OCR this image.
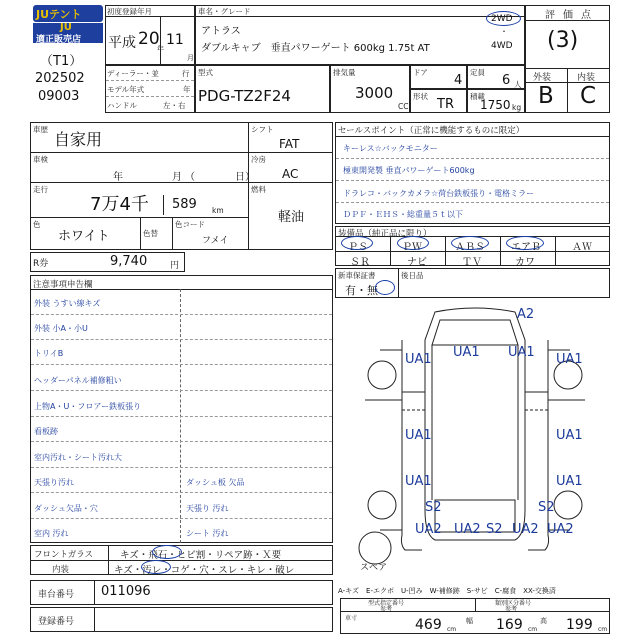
JUテント
JU
適正販売店
（T1）
202502
09003
初度登録年月
平成 20
年
11
月
車名・グレード
アトラス
ダブルキャブ　垂直パワーゲート 600kg 1.75t AT
2WD
・
4WD
評価点
(3)
外装	内装
B C
ディーラー・並	行
モデル年式	年
ハンドル	左・右
型式
PDG-TZ2F24
排気量
3000
CC
ドア
4
定員
6 人
形状
TR
積載
1750 kg
車歴
自家用
車検
年	月 （　　　　日）
走行
7万4千 589 km
色
ホワイト	色替
色コード
フメイ
シフト
FAT
冷房
AC
燃料
軽油
R券	9,740	円
セールスポイント（正常に機能するものに限定）
キーレス☆バックモニター
極東開発製 垂直パワーゲート600kg
ドラレコ・バックカメラ☆荷台鉄板張り・電格ミラー
ＤＰＦ・ＥＨＳ・総重量５ｔ以下
装備品（純正品に限り）
ＰＳ	ＰＷ	ＡＢＳ	エアＢ	ＡＷ
ＳＲ	ナビ	ＴＶ	カワ
新車保証書
有・無
後日品
注意事項申告欄
外装 うすい線キズ
外装 小A・小U
トリイB
ヘッダーパネル補修粗い
上物A・U・フロアー鉄板張り
看板跡
室内汚れ・シート汚れ大
天張り汚れ	ダッシュ板 欠品
ダッシュ欠品・穴	天張り 汚れ
室内 汚れ	シート 汚れ
フロントガラス	キズ・飛石・ヒビ割・リペア跡・Ｘ要
内装	キズ・汚レ・コゲ・穴・スレ・キレ・破レ
車台番号 011096
登録番号
A2
UA1 UA1 UA1 UA1
UA1	UA1
UA1	UA1
S2	S2
UA2 UA2 S2 UA2 UA2
スペア
A-キズ　E-エクボ　U-凹み　W-補修跡　S-サビ　C-腐食　XX-交換済
型式指定番号
参考
類別区分番号
参考
車寸	469 cm
幅 169 cm
高 199 cm
